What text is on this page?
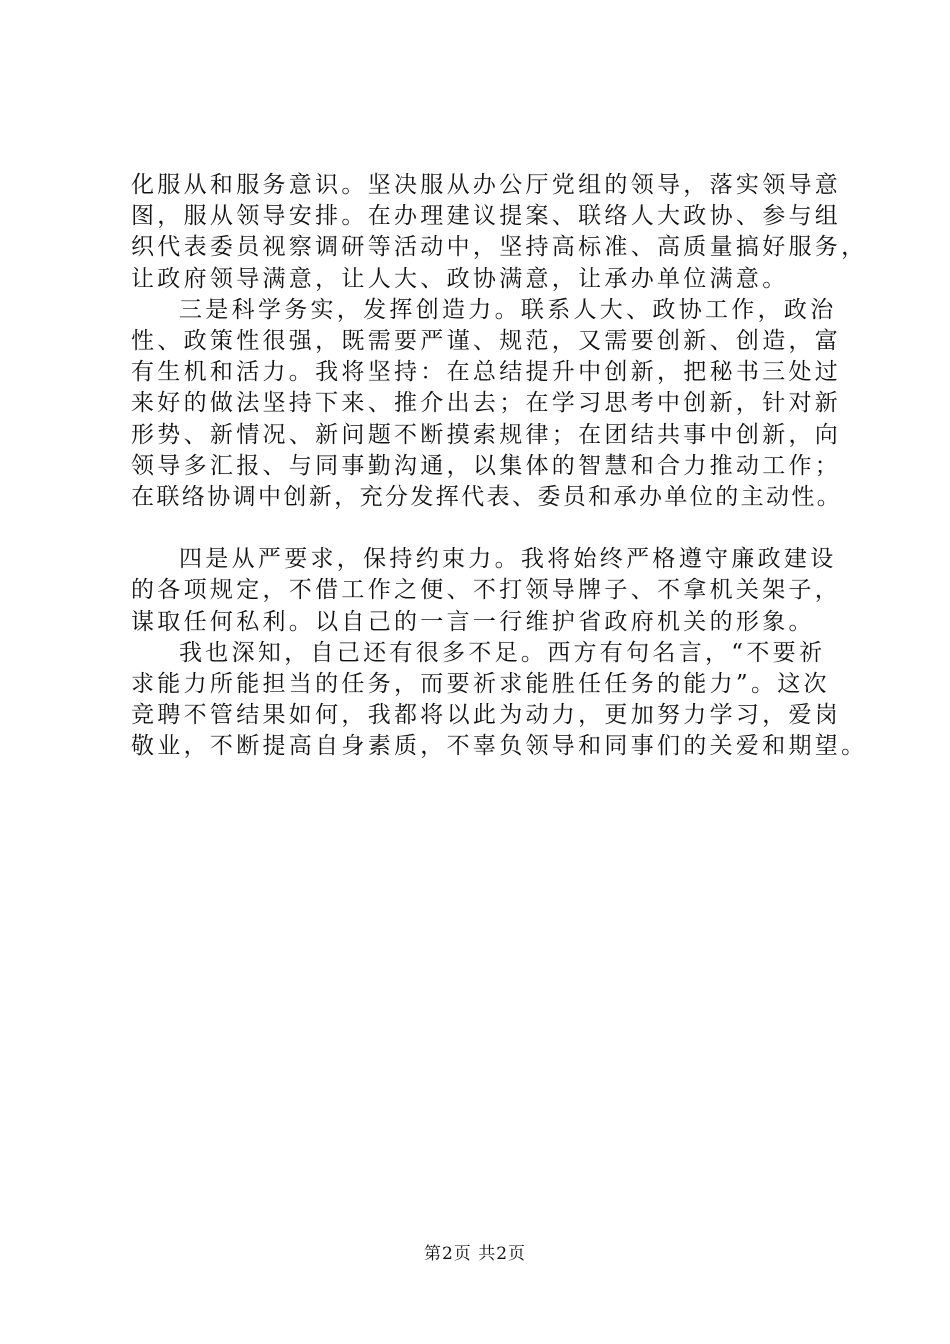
化服从和服务意识。坚决服从办公厅党组的领导，落实领导意
图，服从领导安排。在办理建议提案、联络人大政协、参与组
织代表委员视察调研等活动中，坚持高标准、高质量搞好服务，
让政府领导满意，让人大、政协满意，让承办单位满意。
三是科学务实，发挥创造力。联系人大、政协工作，政治
性、政策性很强，既需要严谨、规范，又需要创新、创造，富
有生机和活力。我将坚持：在总结提升中创新，把秘书三处过
来好的做法坚持下来、推介出去；在学习思考中创新，针对新
形势、新情况、新问题不断摸索规律；在团结共事中创新，向
领导多汇报、与同事勤沟通，以集体的智慧和合力推动工作；
在联络协调中创新，充分发挥代表、委员和承办单位的主动性。
四是从严要求，保持约束力。我将始终严格遵守廉政建设
的各项规定，不借工作之便、不打领导牌子、不拿机关架子，
谋取任何私利。以自己的一言一行维护省政府机关的形象。
我也深知，自己还有很多不足。西方有句名言，“不要祈
求能力所能担当的任务，而要祈求能胜任任务的能力”。这次
竞聘不管结果如何，我都将以此为动力，更加努力学习，爱岗
敬业，不断提高自身素质，不辜负领导和同事们的关爱和期望。
第2页 共2页
